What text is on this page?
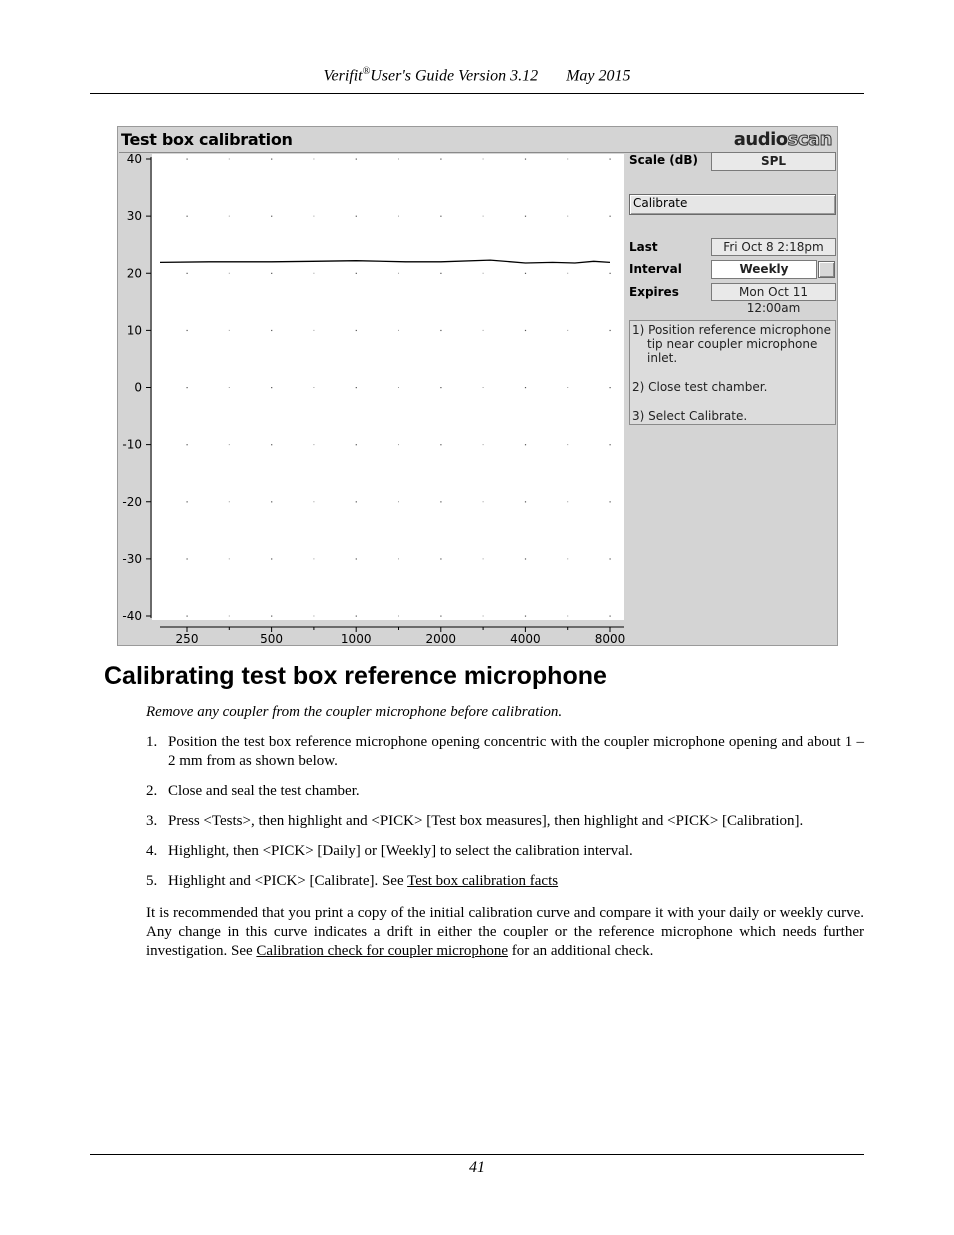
Verifit®User's Guide Version 3.12 May 2015
Test box calibration	audioscan
40
30
20
10
0
-10
-20
-30
-40
250	500	1000	2000	4000	8000
Scale (dB)	SPL
Calibrate
Last	Fri Oct 8 2:18pm
Interval	Weekly
Expires	Mon Oct 11 12:00am
1) Position reference microphone tip near coupler microphone inlet.
2) Close test chamber.
3) Select Calibrate.
Calibrating test box reference microphone
Remove any coupler from the coupler microphone before calibration.
1. Position the test box reference microphone opening concentric with the coupler microphone opening and about 1 – 2 mm from as shown below.
2. Close and seal the test chamber.
3. Press <Tests>, then highlight and <PICK> [Test box measures], then highlight and <PICK> [Calibration].
4. Highlight, then <PICK> [Daily] or [Weekly] to select the calibration interval.
5. Highlight and <PICK> [Calibrate]. See Test box calibration facts

It is recommended that you print a copy of the initial calibration curve and compare it with your daily or weekly curve. Any change in this curve indicates a drift in either the coupler or the reference microphone which needs further investigation. See Calibration check for coupler microphone for an additional check.

41
